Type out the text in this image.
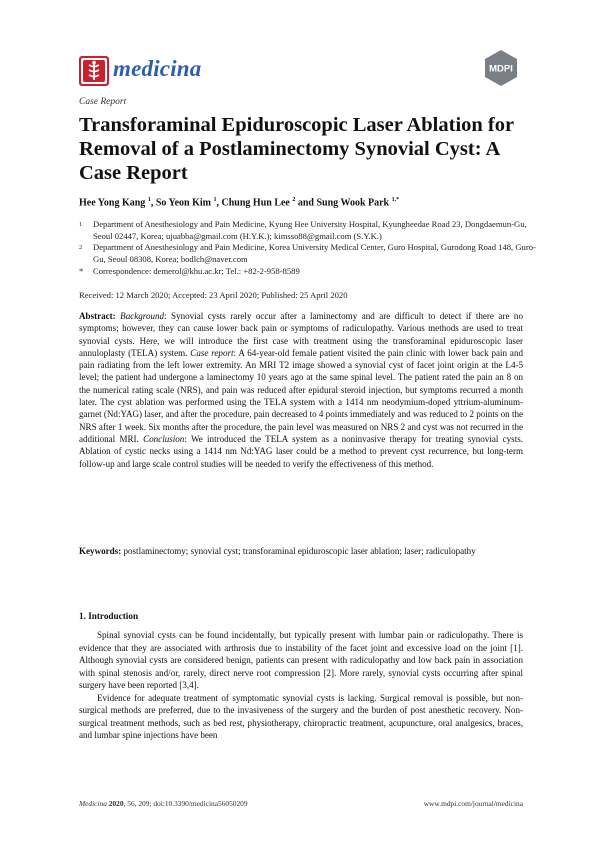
medicina	MDPI
Case Report
Transforaminal Epiduroscopic Laser Ablation for Removal of a Postlaminectomy Synovial Cyst: A Case Report
Hee Yong Kang $^1$, So Yeon Kim $^1$, Chung Hun Lee $^2$ and Sung Wook Park $^{1,*}$

1 Department of Anesthesiology and Pain Medicine, Kyung Hee University Hospital, Kyungheedae Road 23, Dongdaemun-Gu, Seoul 02447, Korea; ujuabba@gmail.com (H.Y.K.); kimsso88@gmail.com (S.Y.K.)

2 Department of Anesthesiology and Pain Medicine, Korea University Medical Center, Guro Hospital, Gurodong Road 148, Guro-Gu, Seoul 08308, Korea; bodlch@naver.com

* Correspondence: demerol@khu.ac.kr; Tel.: +82-2-958-8589

Received: 12 March 2020; Accepted: 23 April 2020; Published: 25 April 2020

Abstract: Background: Synovial cysts rarely occur after a laminectomy and are difficult to detect if there are no symptoms; however, they can cause lower back pain or symptoms of radiculopathy. Various methods are used to treat synovial cysts. Here, we will introduce the first case with treatment using the transforaminal epiduroscopic laser annuloplasty (TELA) system. Case report: A 64-year-old female patient visited the pain clinic with lower back pain and pain radiating from the left lower extremity. An MRI T2 image showed a synovial cyst of facet joint origin at the L4-5 level; the patient had undergone a laminectomy 10 years ago at the same spinal level. The patient rated the pain an 8 on the numerical rating scale (NRS), and pain was reduced after epidural steroid injection, but symptoms recurred a month later. The cyst ablation was performed using the TELA system with a 1414 nm neodymium-doped yttrium-aluminum-garnet (Nd:YAG) laser, and after the procedure, pain decreased to 4 points immediately and was reduced to 2 points on the NRS after 1 week. Six months after the procedure, the pain level was measured on NRS 2 and cyst was not recurred in the additional MRI. Conclusion: We introduced the TELA system as a noninvasive therapy for treating synovial cysts. Ablation of cystic necks using a 1414 nm Nd:YAG laser could be a method to prevent cyst recurrence, but long-term follow-up and large scale control studies will be needed to verify the effectiveness of this method.

Keywords: postlaminectomy; synovial cyst; transforaminal epiduroscopic laser ablation; laser; radiculopathy

1. Introduction

Spinal synovial cysts can be found incidentally, but typically present with lumbar pain or radiculopathy. There is evidence that they are associated with arthrosis due to instability of the facet joint and excessive load on the joint [1]. Although synovial cysts are considered benign, patients can present with radiculopathy and low back pain in association with spinal stenosis and/or, rarely, direct nerve root compression [2]. More rarely, synovial cysts occurring after spinal surgery have been reported [3,4].

Evidence for adequate treatment of symptomatic synovial cysts is lacking. Surgical removal is possible, but non-surgical methods are preferred, due to the invasiveness of the surgery and the burden of post anesthetic recovery. Non-surgical treatment methods, such as bed rest, physiotherapy, chiropractic treatment, acupuncture, oral analgesics, braces, and lumbar spine injections have been

Medicina 2020, 56, 209; doi:10.3390/medicina56050209	www.mdpi.com/journal/medicina
